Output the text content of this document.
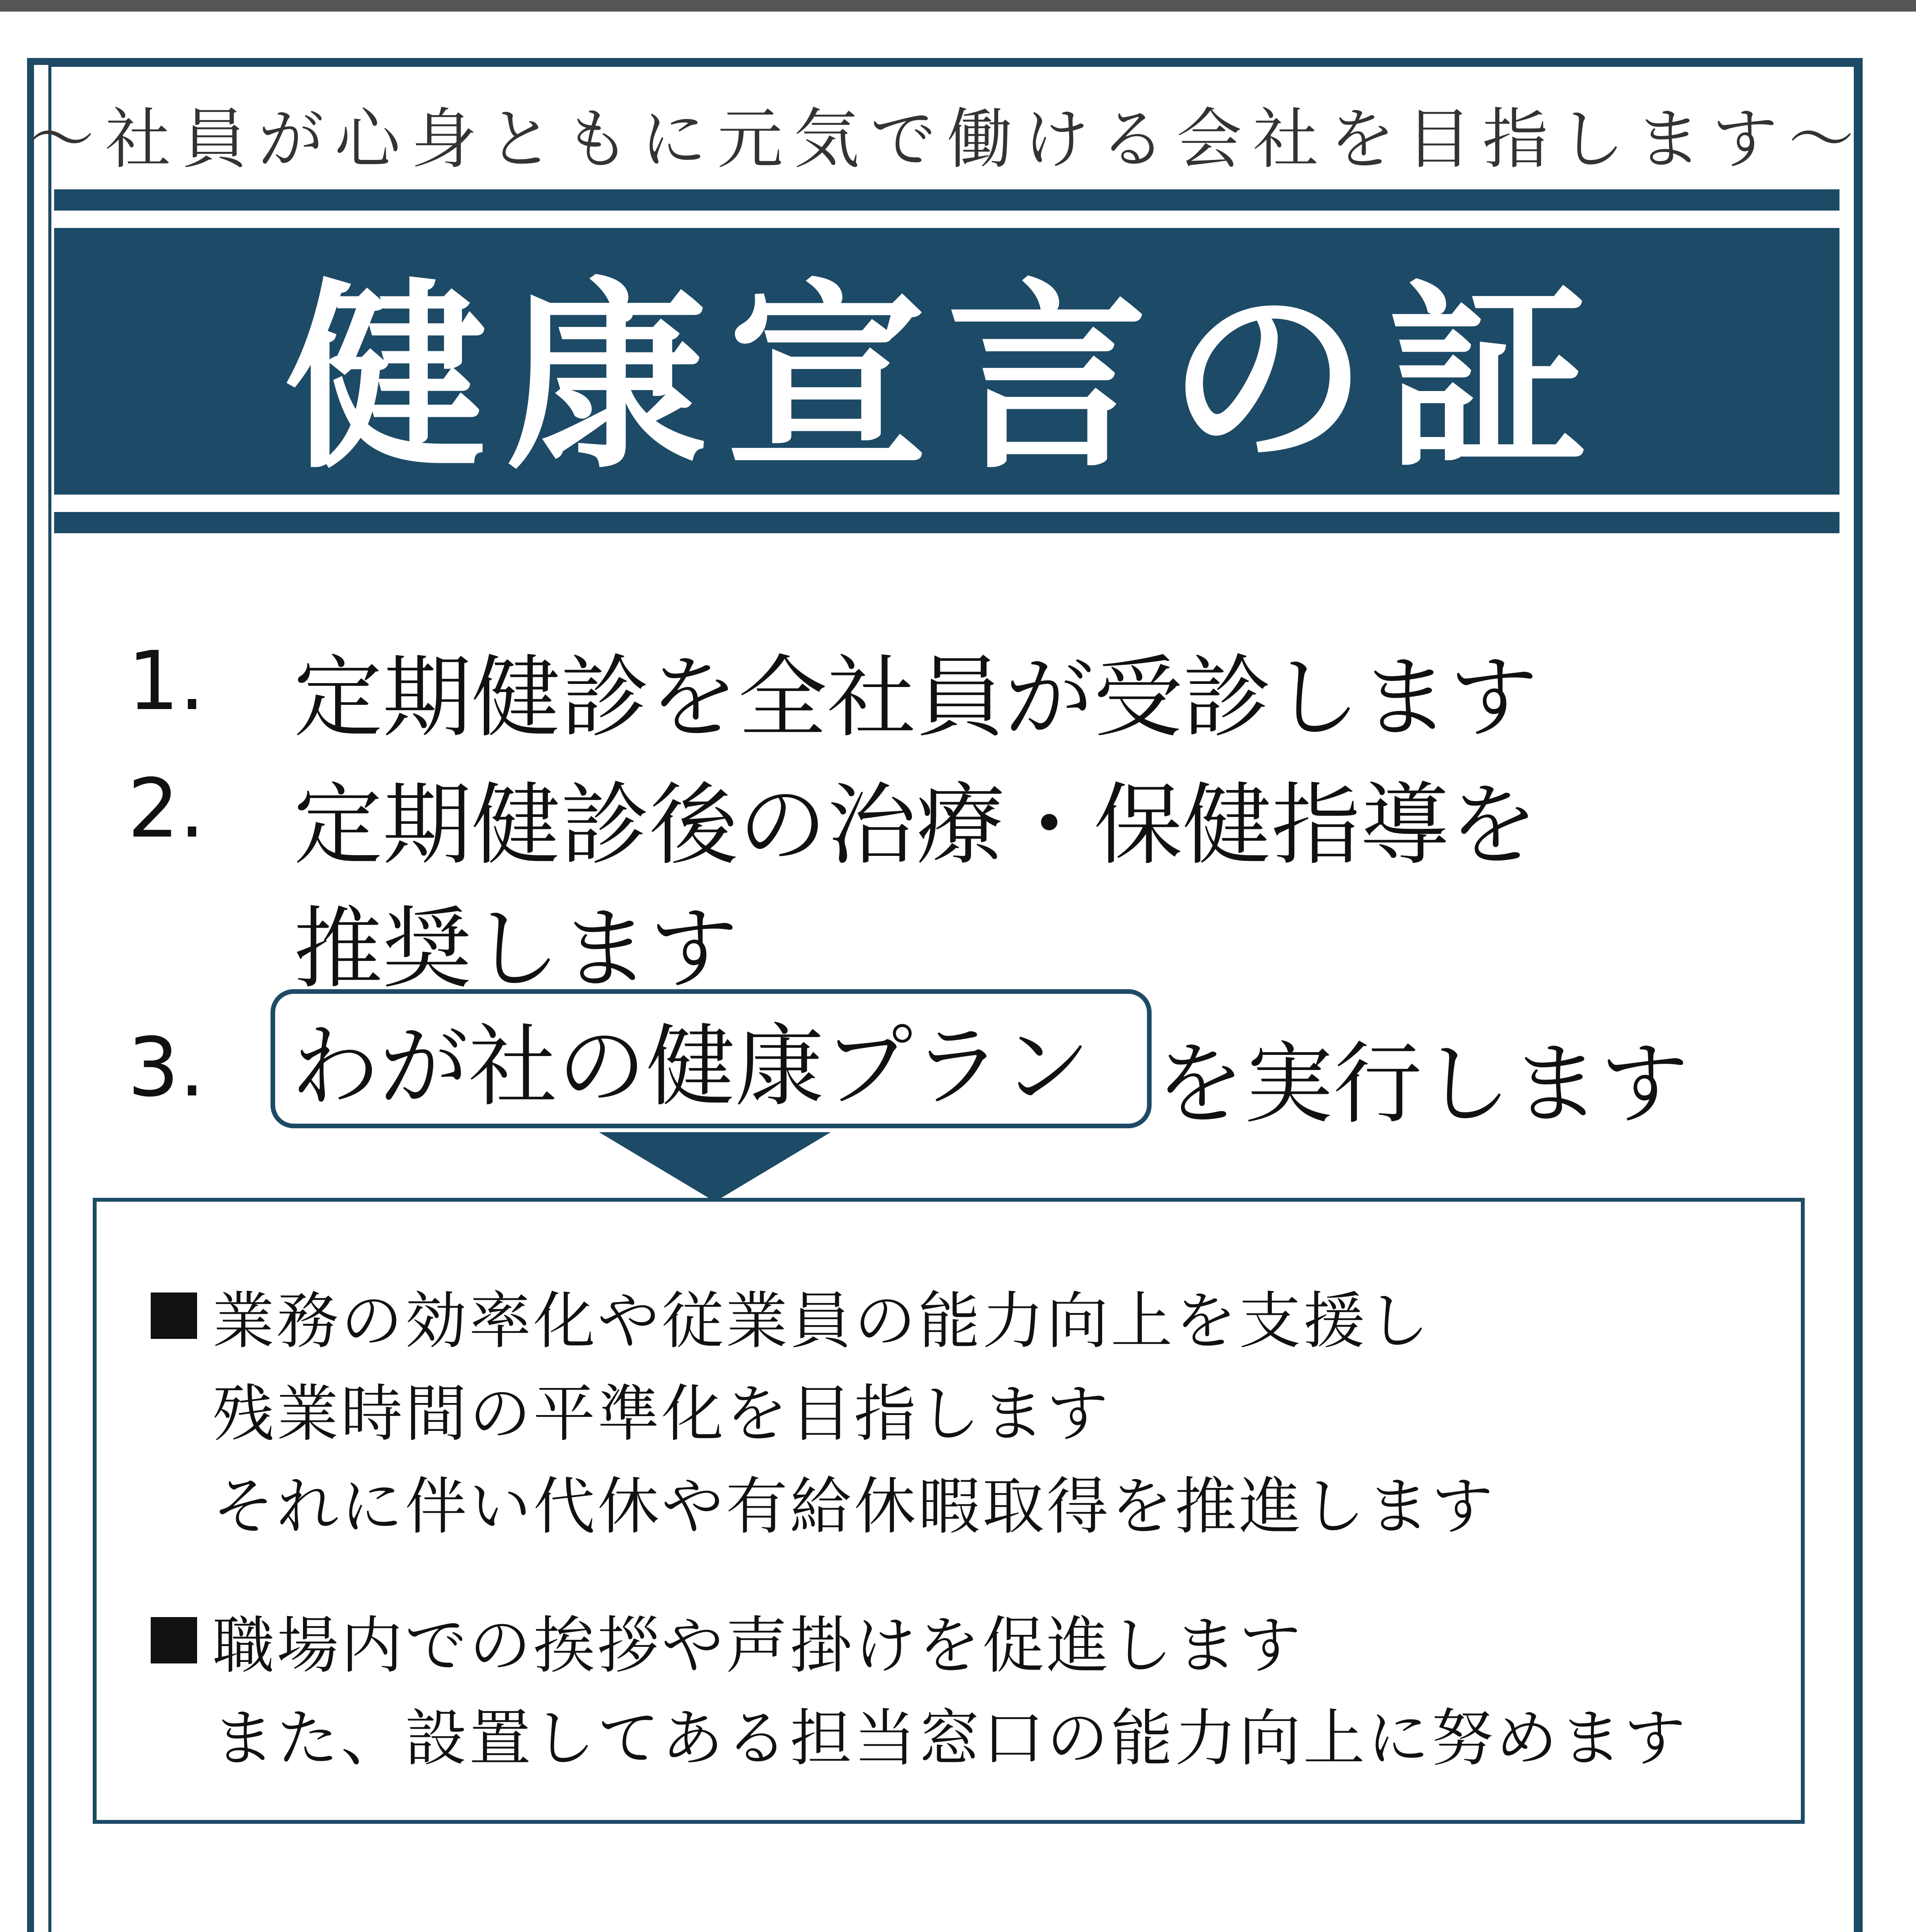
～社員が心身ともに元気で働ける会社を目指します～
健康宣言の証
1. 定期健診を全社員が受診します
2. 定期健診後の治療・保健指導を
推奨します
3. わが社の健康プラン を実行します
業務の効率化や従業員の能力向上を支援し
残業時間の平準化を目指します
それに伴い代休や有給休暇取得を推進します
職場内での挨拶や声掛けを促進します
また、設置してある担当窓口の能力向上に努めます
